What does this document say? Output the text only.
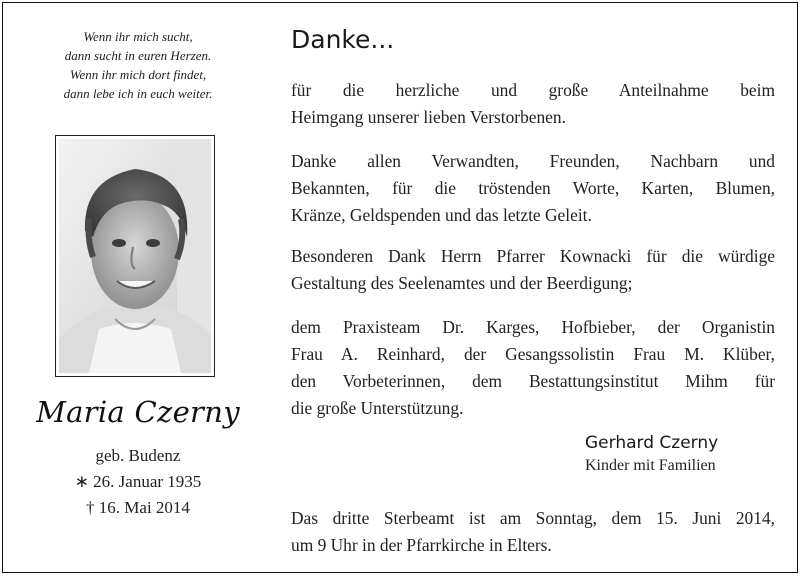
Wenn ihr mich sucht,
dann sucht in euren Herzen.
Wenn ihr mich dort findet,
dann lebe ich in euch weiter.
Maria Czerny
geb. Budenz
∗ 26. Januar 1935
† 16. Mai 2014
Danke...
für die herzliche und große Anteilnahme beim
Heimgang unserer lieben Verstorbenen.
Danke allen Verwandten, Freunden, Nachbarn und
Bekannten, für die tröstenden Worte, Karten, Blumen,
Kränze, Geldspenden und das letzte Geleit.
Besonderen Dank Herrn Pfarrer Kownacki für die würdige
Gestaltung des Seelenamtes und der Beerdigung;
dem Praxisteam Dr. Karges, Hofbieber, der Organistin
Frau A. Reinhard, der Gesangssolistin Frau M. Klüber,
den Vorbeterinnen, dem Bestattungsinstitut Mihm für
die große Unterstützung.
Gerhard Czerny
Kinder mit Familien
Das dritte Sterbeamt ist am Sonntag, dem 15. Juni 2014,
um 9 Uhr in der Pfarrkirche in Elters.
